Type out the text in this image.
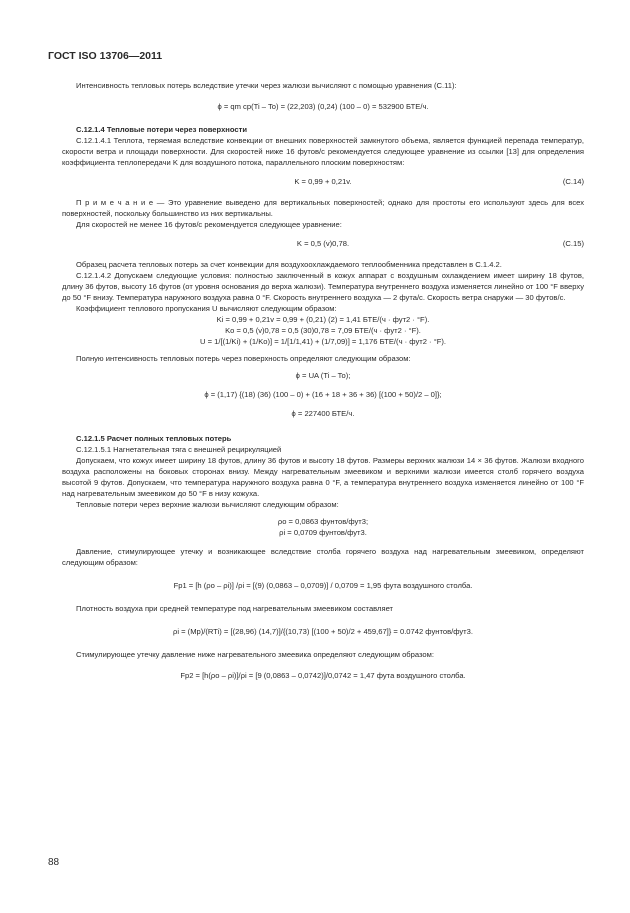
ГОСТ ISO 13706—2011

Интенсивность тепловых потерь вследствие утечки через жалюзи вычисляют с помощью уравнения (С.11):

ϕ = qm cp(Ti – To) = (22,203) (0,24) (100 – 0) = 532900 БТЕ/ч.

С.12.1.4 Тепловые потери через поверхности

С.12.1.4.1 Теплота, теряемая вследствие конвекции от внешних поверхностей замкнутого объема, является функцией перепада температур, скорости ветра и площади поверхности. Для скоростей ниже 16 футов/с рекомендуется следующее уравнение из ссылки [13] для определения коэффициента теплопередачи K для воздушного потока, параллельного плоским поверхностям:

K = 0,99 + 0,21v.	(С.14)

П р и м е ч а н и е — Это уравнение выведено для вертикальных поверхностей; однако для простоты его используют здесь для всех поверхностей, поскольку большинство из них вертикальны.

Для скоростей не менее 16 футов/с рекомендуется следующее уравнение:

K = 0,5 (v)0,78.	(С.15)

Образец расчета тепловых потерь за счет конвекции для воздухоохлаждаемого теплообменника представлен в С.1.4.2.

С.12.1.4.2 Допускаем следующие условия: полностью заключенный в кожух аппарат с воздушным охлаждением имеет ширину 18 футов, длину 36 футов, высоту 16 футов (от уровня основания до верха жалюзи). Температура внутреннего воздуха изменяется линейно от 100 °F вверху до 50 °F внизу. Температура наружного воздуха равна 0 °F. Скорость внутреннего воздуха — 2 фута/с. Скорость ветра снаружи — 30 футов/с.

Коэффициент теплового пропускания U вычисляют следующим образом:

Ki = 0,99 + 0,21v = 0,99 + (0,21) (2) = 1,41 БТЕ/(ч · фут2 · °F).

Ko = 0,5 (v)0,78 = 0,5 (30)0,78 = 7,09 БТЕ/(ч · фут2 · °F).

U = 1/[(1/Ki) + (1/Ko)] = 1/[1/1,41) + (1/7,09)] = 1,176 БТЕ/(ч · фут2 · °F).

Полную интенсивность тепловых потерь через поверхность определяют следующим образом:

ϕ = UA (Ti – To);

ϕ = (1,17) {(18) (36) (100 – 0) + (16 + 18 + 36 + 36) [(100 + 50)/2 – 0]};

ϕ = 227400 БТЕ/ч.

С.12.1.5 Расчет полных тепловых потерь

С.12.1.5.1 Нагнетательная тяга с внешней рециркуляцией

Допускаем, что кожух имеет ширину 18 футов, длину 36 футов и высоту 18 футов. Размеры верхних жалюзи 14 × 36 футов. Жалюзи входного воздуха расположены на боковых сторонах внизу. Между нагревательным змеевиком и верхними жалюзи имеется столб горячего воздуха высотой 9 футов. Допускаем, что температура наружного воздуха равна 0 °F, а температура внутреннего воздуха изменяется линейно от 100 °F над нагревательным змеевиком до 50 °F в низу кожуха.

Тепловые потери через верхние жалюзи вычисляют следующим образом:

ρo = 0,0863 фунтов/фут3;

ρi = 0,0709 фунтов/фут3.

Давление, стимулирующее утечку и возникающее вследствие столба горячего воздуха над нагревательным змеевиком, определяют следующим образом:

Fp1 = [h (ρo – ρi)] /ρi = [(9) (0,0863 – 0,0709)] / 0,0709 = 1,95 фута воздушного столба.

Плотность воздуха при средней температуре под нагревательным змеевиком составляет

ρi = (Mp)/(RTi) = [(28,96) (14,7)]/{(10,73) [(100 + 50)/2 + 459,67]} = 0.0742 фунтов/фут3.

Стимулирующее утечку давление ниже нагревательного змеевика определяют следующим образом:

Fp2 = [h(ρo – ρi)]/ρi = [9 (0,0863 – 0,0742)]/0,0742 = 1,47 фута воздушного столба.

88
